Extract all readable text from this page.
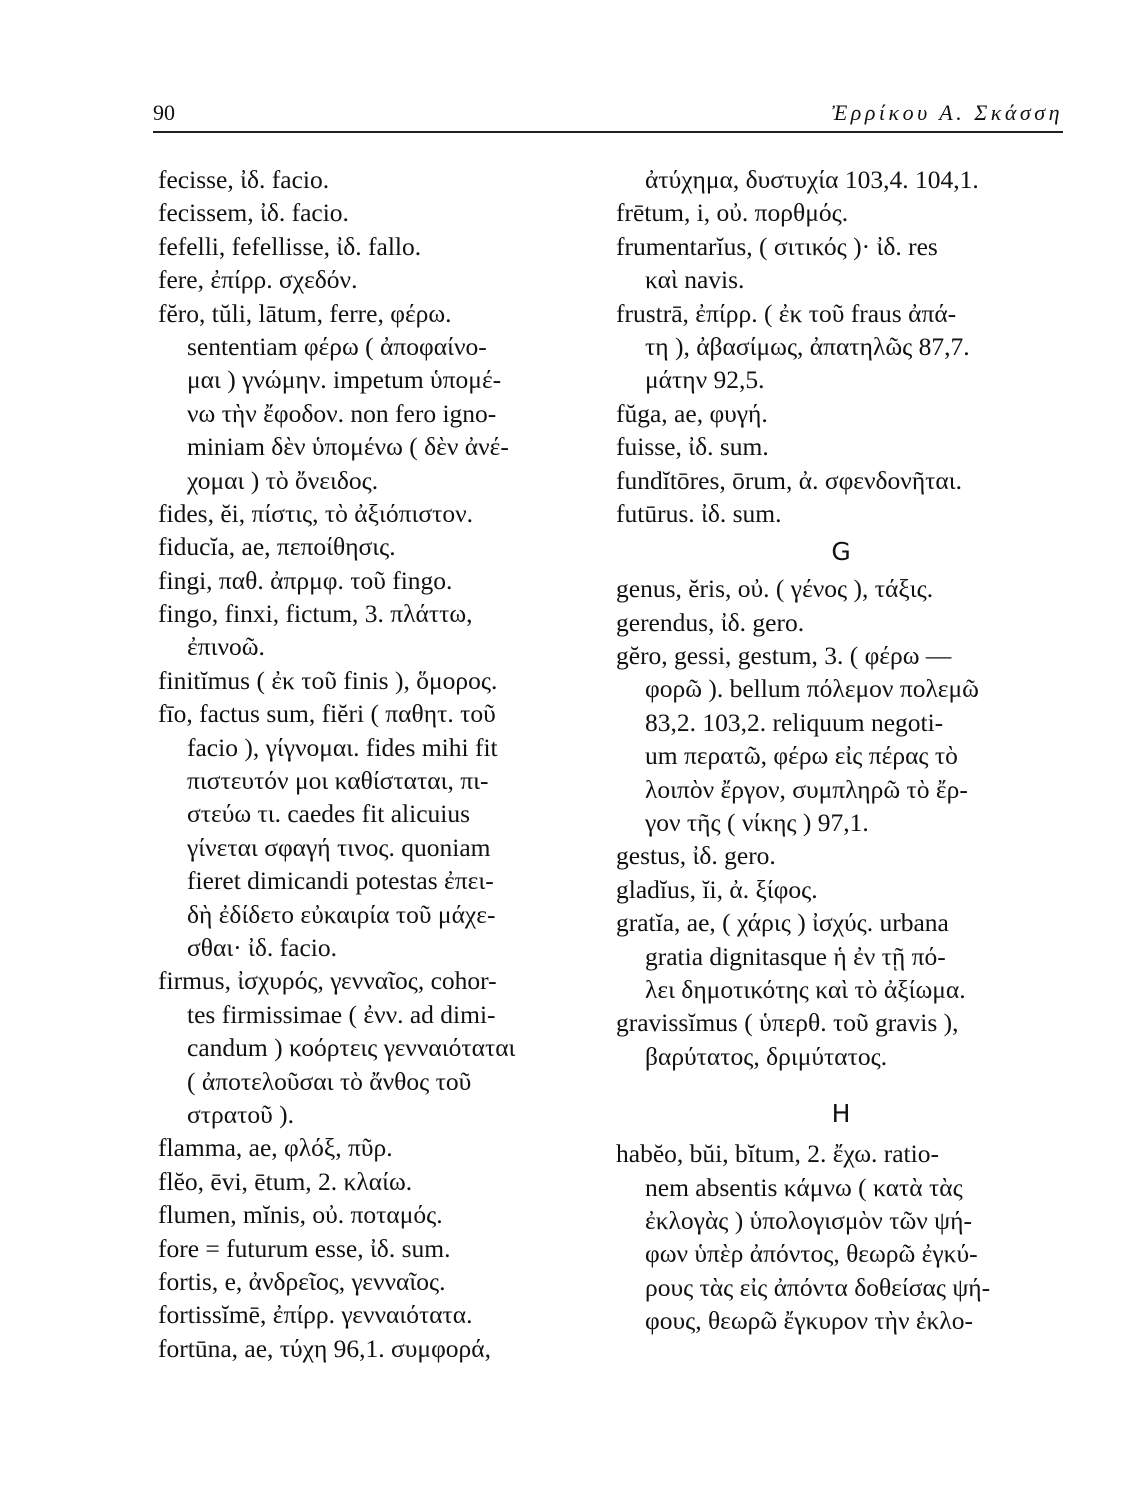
90	Ἐρρίκου Α. Σκάσση
fecisse, ἰδ. facio.
fecissem, ἰδ. facio.
fefelli, fefellisse, ἰδ. fallo.
fere, ἐπίρρ. σχεδόν.
fĕro, tŭli, lātum, ferre, φέρω.
sententiam φέρω ( ἀποφαίνο-
μαι ) γνώμην. impetum ὑπομέ-
νω τὴν ἔφοδον. non fero igno-
miniam δὲν ὑπομένω ( δὲν ἀνέ-
χομαι ) τὸ ὄνειδος.
fides, ĕi, πίστις, τὸ ἀξιόπιστον.
fiducĭa, ae, πεποίθησις.
fingi, παθ. ἀπρμφ. τοῦ fingo.
fingo, finxi, fictum, 3. πλάττω,
ἐπινοῶ.
finitĭmus ( ἐκ τοῦ finis ), ὅμορος.
fīo, factus sum, fiĕri ( παθητ. τοῦ
facio ), γίγνομαι. fides mihi fit
πιστευτόν μοι καθίσταται, πι-
στεύω τι. caedes fit alicuius
γίνεται σφαγή τινος. quoniam
fieret dimicandi potestas ἐπει-
δὴ ἐδίδετο εὐκαιρία τοῦ μάχε-
σθαι· ἰδ. facio.
firmus, ἰσχυρός, γενναῖος, cohor-
tes firmissimae ( ἐνν. ad dimi-
candum ) κοόρτεις γενναιόταται
( ἀποτελοῦσαι τὸ ἄνθος τοῦ
στρατοῦ ).
flamma, ae, φλόξ, πῦρ.
flĕo, ēvi, ētum, 2. κλαίω.
flumen, mĭnis, οὐ. ποταμός.
fore = futurum esse, ἰδ. sum.
fortis, e, ἀνδρεῖος, γενναῖος.
fortissĭmē, ἐπίρρ. γενναιότατα.
fortūna, ae, τύχη 96,1. συμφορά,
ἀτύχημα, δυστυχία 103,4. 104,1.
frētum, i, οὐ. πορθμός.
frumentarĭus, ( σιτικός )· ἰδ. res
καὶ navis.
frustrā, ἐπίρρ. ( ἐκ τοῦ fraus ἀπά-
τη ), ἀβασίμως, ἀπατηλῶς 87,7.
μάτην 92,5.
fŭga, ae, φυγή.
fuisse, ἰδ. sum.
fundĭtōres, ōrum, ἀ. σφενδονῆται.
futūrus. ἰδ. sum.
G
genus, ĕris, οὐ. ( γένος ), τάξις.
gerendus, ἰδ. gero.
gĕro, gessi, gestum, 3. ( φέρω —
φορῶ ). bellum πόλεμον πολεμῶ
83,2. 103,2. reliquum negoti-
um περατῶ, φέρω εἰς πέρας τὸ
λοιπὸν ἔργον, συμπληρῶ τὸ ἔρ-
γον τῆς ( νίκης ) 97,1.
gestus, ἰδ. gero.
gladĭus, ĭi, ἀ. ξίφος.
gratĭa, ae, ( χάρις ) ἰσχύς. urbana
gratia dignitasque ἡ ἐν τῇ πό-
λει δημοτικότης καὶ τὸ ἀξίωμα.
gravissĭmus ( ὑπερθ. τοῦ gravis ),
βαρύτατος, δριμύτατος.
H
habĕo, bŭi, bĭtum, 2. ἔχω. ratio-
nem absentis κάμνω ( κατὰ τὰς
ἐκλογὰς ) ὑπολογισμὸν τῶν ψή-
φων ὑπὲρ ἀπόντος, θεωρῶ ἐγκύ-
ρους τὰς εἰς ἀπόντα δοθείσας ψή-
φους, θεωρῶ ἔγκυρον τὴν ἐκλο-
